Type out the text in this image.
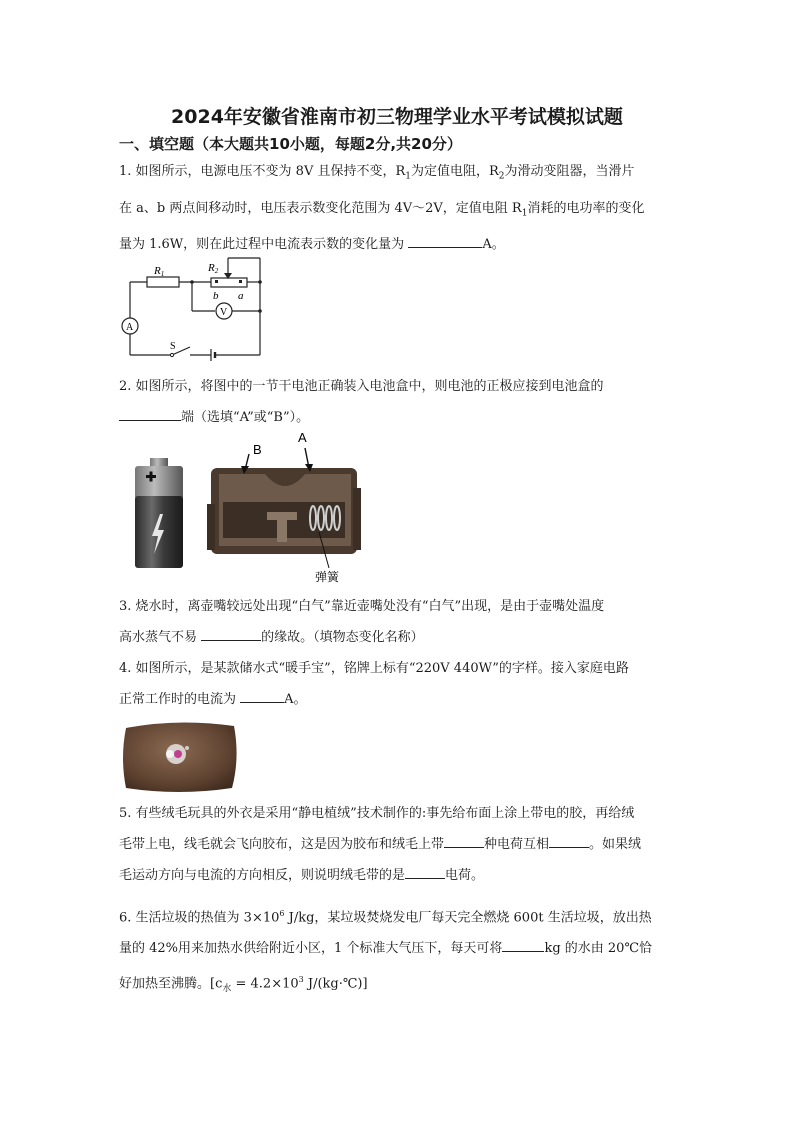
2024年安徽省淮南市初三物理学业水平考试模拟试题
一、填空题（本大题共10小题，每题2分,共20分）
1. 如图所示，电源电压不变为 8V 且保持不变，$R_1$为定值电阻，$R_2$为滑动变阻器，当滑片
在 a、b 两点间移动时，电压表示数变化范围为 4V～2V，定值电阻 $R_1$消耗的电功率的变化
量为 1.6W，则在此过程中电流表示数的变化量为	A。
R1	R2
b a
A
V
S
2. 如图所示，将图中的一节干电池正确装入电池盒中，则电池的正极应接到电池盒的
端（选填“A”或“B”）。
B
A
弹簧
3. 烧水时，离壶嘴较远处出现“白气”靠近壶嘴处没有“白气”出现，是由于壶嘴处温度
高水蒸气不易	的缘故。（填物态变化名称）
4. 如图所示，是某款储水式“暖手宝”，铭牌上标有“220V 440W”的字样。接入家庭电路
正常工作时的电流为	A。
5. 有些绒毛玩具的外衣是采用“静电植绒”技术制作的:事先给布面上涂上带电的胶，再给绒
毛带上电，线毛就会飞向胶布，这是因为胶布和绒毛上带	种电荷互相	。如果绒
毛运动方向与电流的方向相反，则说明绒毛带的是	电荷。
6. 生活垃圾的热值为 $3\times 10^6$ J/kg，某垃圾焚烧发电厂每天完全燃烧 600t 生活垃圾，放出热
量的 42%用来加热水供给附近小区，1 个标准大气压下，每天可将	kg 的水由 20℃恰
好加热至沸腾。[$c_水 = 4.2\times 10^3$ J/(kg·℃)]
